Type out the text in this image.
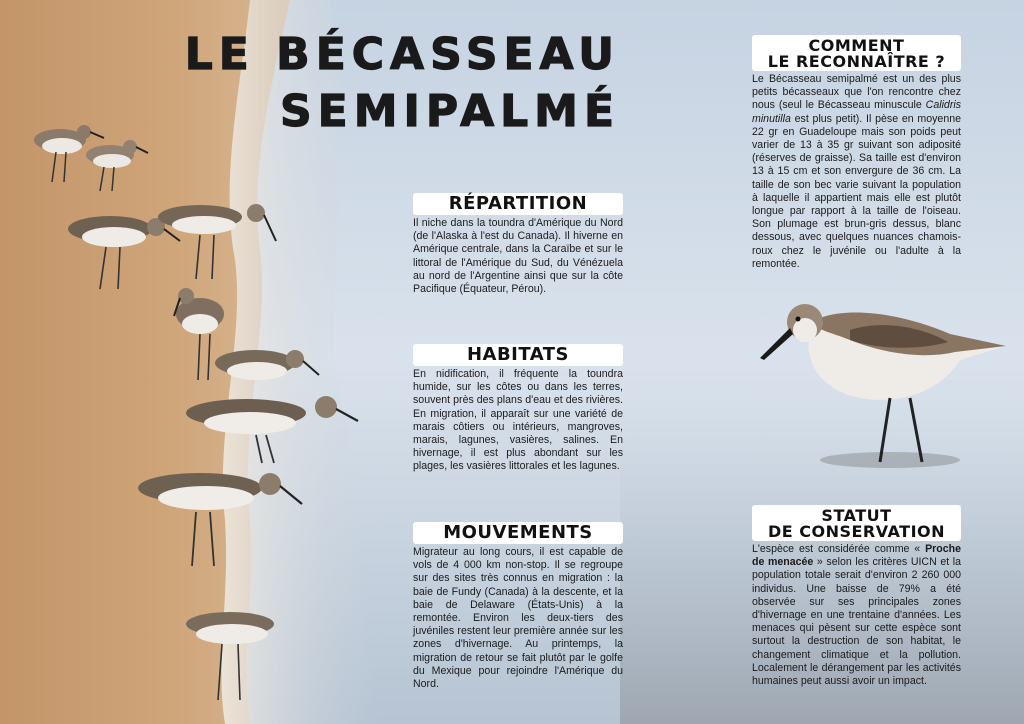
LE BÉCASSEAU
SEMIPALMÉ
RÉPARTITION

Il niche dans la toundra d'Amérique du Nord (de l'Alaska à l'est du Canada). Il hiverne en Amérique centrale, dans la Caraïbe et sur le littoral de l'Amérique du Sud, du Vénézuela au nord de l'Argentine ainsi que sur la côte Pacifique (Équateur, Pérou).

HABITATS

En nidification, il fréquente la toundra humide, sur les côtes ou dans les terres, souvent près des plans d'eau et des rivières. En migration, il apparaît sur une variété de marais côtiers ou intérieurs, mangroves, marais, lagunes, vasières, salines. En hivernage, il est plus abondant sur les plages, les vasières littorales et les lagunes.

MOUVEMENTS

Migrateur au long cours, il est capable de vols de 4 000 km non-stop. Il se regroupe sur des sites très connus en migration : la baie de Fundy (Canada) à la descente, et la baie de Delaware (États-Unis) à la remontée. Environ les deux-tiers des juvéniles restent leur première année sur les zones d'hivernage. Au printemps, la migration de retour se fait plutôt par le golfe du Mexique pour rejoindre l'Amérique du Nord.

COMMENT
LE RECONNAÎTRE ?

Le Bécasseau semipalmé est un des plus petits bécasseaux que l'on rencontre chez nous (seul le Bécasseau minuscule Calidris minutilla est plus petit). Il pèse en moyenne 22 gr en Guadeloupe mais son poids peut varier de 13 à 35 gr suivant son adiposité (réserves de graisse). Sa taille est d'environ 13 à 15 cm et son envergure de 36 cm. La taille de son bec varie suivant la population à laquelle il appartient mais elle est plutôt longue par rapport à la taille de l'oiseau. Son plumage est brun-gris dessus, blanc dessous, avec quelques nuances chamois-roux chez le juvénile ou l'adulte à la remontée.

STATUT
DE CONSERVATION

L'espèce est considérée comme « Proche de menacée » selon les critères UICN et la population totale serait d'environ 2 260 000 individus. Une baisse de 79% a été observée sur ses principales zones d'hivernage en une trentaine d'années. Les menaces qui pèsent sur cette espèce sont surtout la destruction de son habitat, le changement climatique et la pollution. Localement le dérangement par les activités humaines peut aussi avoir un impact.
